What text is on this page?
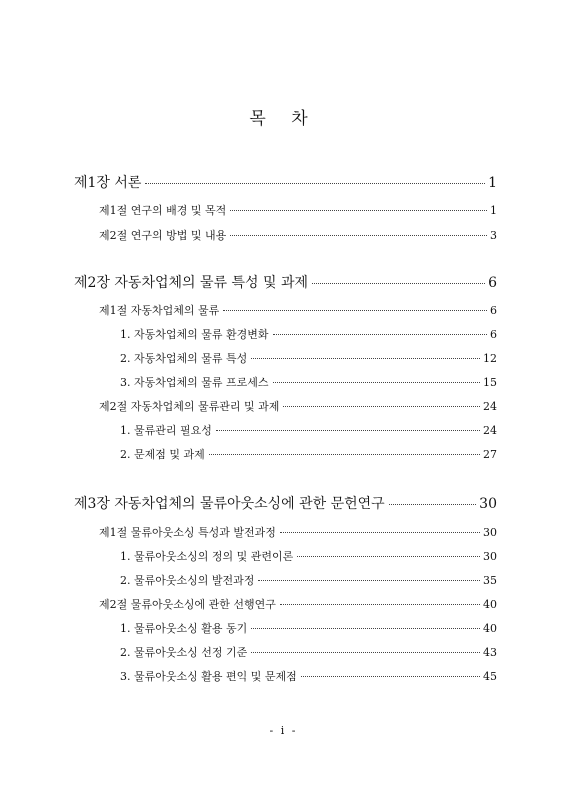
목 차
제1장 서론	1
제1절 연구의 배경 및 목적	1
제2절 연구의 방법 및 내용	3
제2장 자동차업체의 물류 특성 및 과제	6
제1절 자동차업체의 물류	6
1. 자동차업체의 물류 환경변화	6
2. 자동차업체의 물류 특성	12
3. 자동차업체의 물류 프로세스	15
제2절 자동차업체의 물류관리 및 과제	24
1. 물류관리 필요성	24
2. 문제점 및 과제	27
제3장 자동차업체의 물류아웃소싱에 관한 문헌연구	30
제1절 물류아웃소싱 특성과 발전과정	30
1. 물류아웃소싱의 정의 및 관련이론	30
2. 물류아웃소싱의 발전과정	35
제2절 물류아웃소싱에 관한 선행연구	40
1. 물류아웃소싱 활용 동기	40
2. 물류아웃소싱 선정 기준	43
3. 물류아웃소싱 활용 편익 및 문제점	45
- i -
